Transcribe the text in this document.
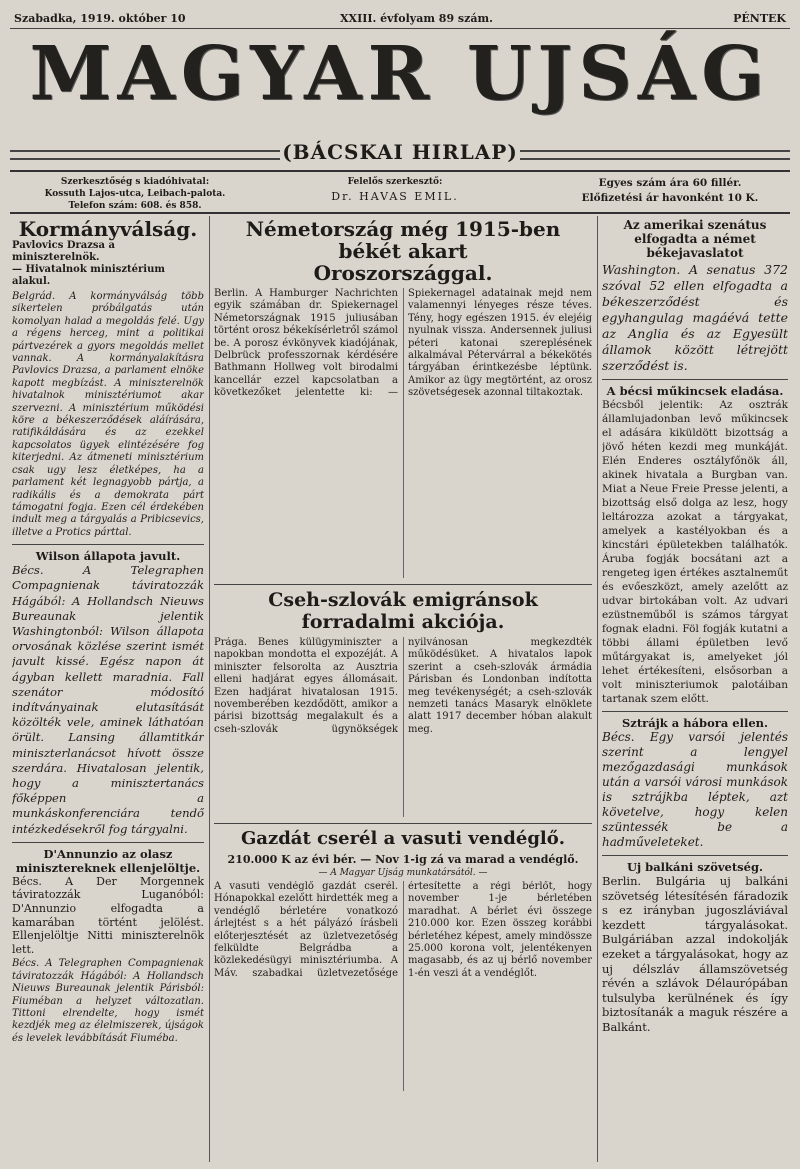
Szabadka, 1919. október 10	XXIII. évfolyam 89 szám.	PÉNTEK
MAGYAR UJSÁG
(BÁCSKAI HIRLAP)
Szerkesztőség s kiadóhivatal:
Kossuth Lajos-utca, Leibach-palota.
Telefon szám: 608. és 858.
Felelős szerkesztő:
Dr. HAVAS EMIL.
Egyes szám ára 60 fillér.
Előfizetési ár havonként 10 K.
Kormányválság.
Pavlovics Drazsa a miniszterelnök.
— Hivatalnok minisztérium alakul.
Belgrád. A kormányválság több sikertelen próbálgatás után komolyan halad a megoldás felé. Ugy a régens herceg, mint a politikai pártvezérek a gyors megoldás mellet vannak. A kormányalakításra Pavlovics Drazsa, a parlament elnöke kapott megbízást. A miniszterelnök hivatalnok minisztériumot akar szervezni. A minisztérium működési köre a békeszerződések aláírására, ratifikáldására és az ezekkel kapcsolatos ügyek elintézésére fog kiterjedni. Az átmeneti minisztérium csak ugy lesz életképes, ha a parlament két legnagyobb pártja, a radikális és a demokrata párt támogatni fogja. Ezen cél érdekében indult meg a tárgyalás a Pribicsevics, illetve a Protics párttal.
Wilson állapota javult.
Bécs. A Telegraphen Compagnienak táviratozzák Hágából: A Hollandsch Nieuws Bureaunak jelentik Washingtonból: Wilson állapota orvosának közlése szerint ismét javult kissé. Egész napon át ágyban kellett maradnia. Fall szenátor módosító indítványainak elutasítását közölték vele, aminek láthatóan örült. Lansing államtitkár miniszterlanácsot hívott össze szerdára. Hivatalosan jelentik, hogy a minisztertanács főképpen a munkáskonferenciára tendő intézkedésekről fog tárgyalni.
D'Annunzio az olasz minisztereknek ellenjelöltje.
Bécs. A Der Morgennek táviratozzák Luganóból: D'Annunzio elfogadta a kamarában történt jelölést. Ellenjelöltje Nitti miniszterelnök lett.
Bécs. A Telegraphen Compagnienak táviratozzák Hágából: A Hollandsch Nieuws Bureaunak jelentik Párisból: Fiuméban a helyzet változatlan. Tittoni elrendelte, hogy ismét kezdjék meg az élelmiszerek, újságok és levelek levábbítását Fiuméba.
Németország még 1915-ben békét akart
Oroszországgal.
Berlin. A Hamburger Nachrichten egyik számában dr. Spiekernagel Németországnak 1915 juliusában történt orosz békekísérletről számol be. A porosz évkönyvek kiadójának, Delbrück professzornak kérdésére Bathmann Hollweg volt birodalmi kancellár ezzel kapcsolatban a következőket jelentette ki: — Spiekernagel adatainak mejd nem valamennyi lényeges része téves. Tény, hogy egészen 1915. év elejéig nyulnak vissza. Andersennek juliusi péteri katonai szereplésének alkalmával Pétervárral a békekötés tárgyában érintkezésbe léptünk. Amikor az ügy megtörtént, az orosz szövetségesek azonnal tiltakoztak.
Cseh-szlovák emigránsok
forradalmi akciója.
Prága. Benes külügyminiszter a napokban mondotta el expozéját. A miniszter felsorolta az Ausztria elleni hadjárat egyes állomásait. Ezen hadjárat hivatalosan 1915. novemberében kezdődött, amikor a párisi bizottság megalakult és a cseh-szlovák ügynökségek nyilvánosan megkezdték működésüket. A hivatalos lapok szerint a cseh-szlovák ármádia Párisban és Londonban indította meg tevékenységét; a cseh-szlovák nemzeti tanács Masaryk elnöklete alatt 1917 december hóban alakult meg.
Gazdát cserél a vasuti vendéglő.
210.000 K az évi bér. — Nov 1-ig zá va marad a vendéglő.
— A Magyar Ujság munkatársától. —
A vasuti vendéglő gazdát cserél. Hónapokkal ezelőtt hirdették meg a vendéglő bérletére vonatkozó árlejtést s a hét pályázó írásbeli előterjesztését az üzletvezetőség felküldte Belgrádba a közlekedésügyi minisztériumba. A Máv. szabadkai üzletvezetősége értesítette a régi bérlőt, hogy november 1-je bérletében maradhat. A bérlet évi összege 210.000 kor. Ezen összeg korábbi bérletéhez képest, amely mindössze 25.000 korona volt, jelentékenyen magasabb, és az uj bérlő november 1-én veszi át a vendéglőt.
Az amerikai szenátus elfogadta a német békejavaslatot
Washington. A senatus 372 szóval 52 ellen elfogadta a békeszerződést és egyhangulag magáévá tette az Anglia és az Egyesült államok között létrejött szerződést is.
A bécsi műkincsek eladása.
Bécsből jelentik: Az osztrák államlujadonban levő műkincsek el adására kiküldött bizottság a jövő héten kezdi meg munkáját. Elén Enderes osztályfőnök áll, akinek hivatala a Burgban van. Miat a Neue Freie Presse jelenti, a bizottság első dolga az lesz, hogy leltározza azokat a tárgyakat, amelyek a kastélyokban és a kincstári épületekben találhatók. Áruba fogják bocsátani azt a rengeteg igen értékes asztalneműt és evőeszközt, amely azelőtt az udvar birtokában volt. Az udvari ezüstneműből is számos tárgyat fognak eladni. Föl fogják kutatni a többi állami épületben levő műtárgyakat is, amelyeket jól lehet értékesíteni, elsősorban a volt miniszteriumok palotáiban tartanak szem előtt.
Sztrájk a hábora ellen.
Bécs. Egy varsói jelentés szerint a lengyel mezőgazdasági munkások után a varsói városi munkások is sztrájkba léptek, azt követelve, hogy kelen szüntessék be a hadműveleteket.
Uj balkáni szövetség.
Berlin. Bulgária uj balkáni szövetség létesítésén fáradozik s ez irányban jugoszláviával kezdett tárgyalásokat. Bulgáriában azzal indokolják ezeket a tárgyalásokat, hogy az uj délszláv államszövetség révén a szlávok Délaurópában tulsulyba kerülnének és így biztosítanák a maguk részére a Balkánt.
